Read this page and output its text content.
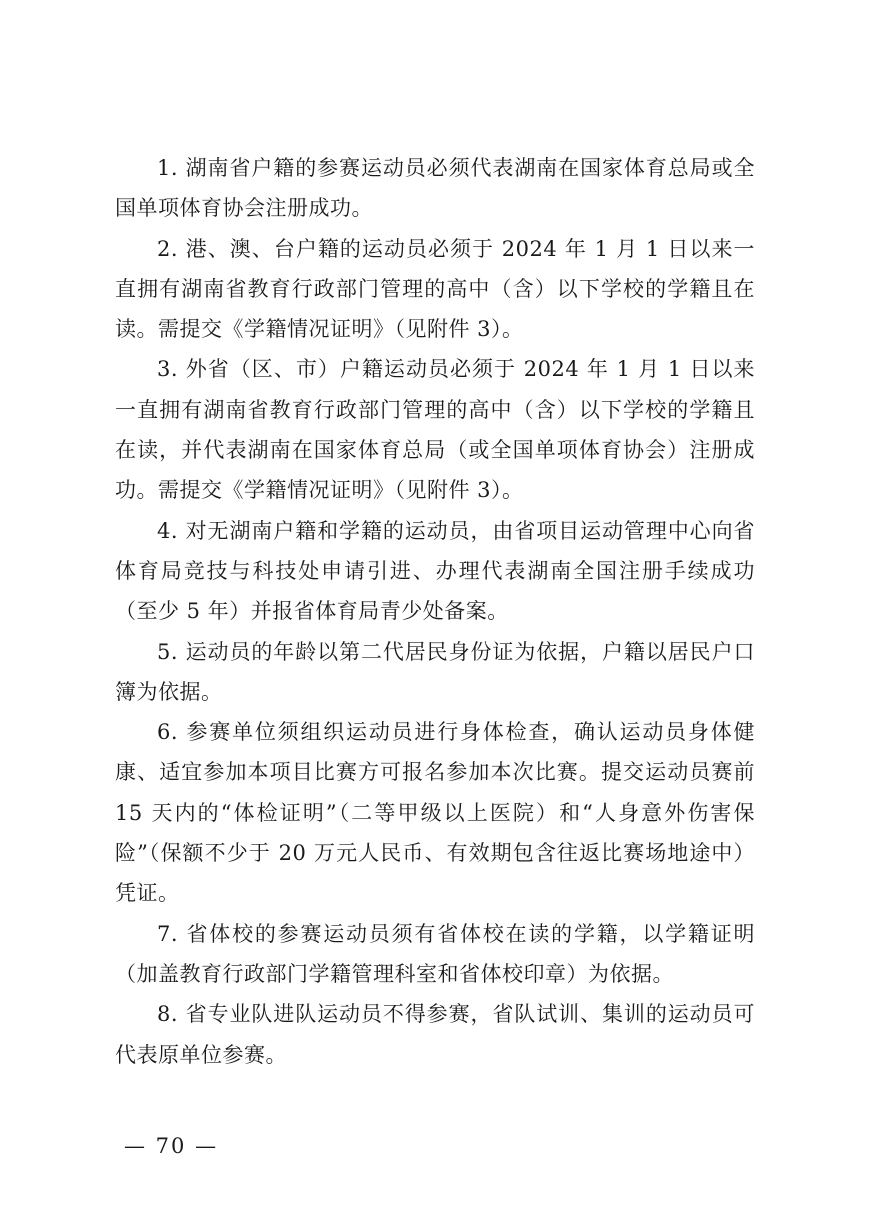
1. 湖南省户籍的参赛运动员必须代表湖南在国家体育总局或全国单项体育协会注册成功。

2. 港、澳、台户籍的运动员必须于 2024 年 1 月 1 日以来一直拥有湖南省教育行政部门管理的高中（含）以下学校的学籍且在读。需提交《学籍情况证明》（见附件 3）。

3. 外省（区、市）户籍运动员必须于 2024 年 1 月 1 日以来一直拥有湖南省教育行政部门管理的高中（含）以下学校的学籍且在读，并代表湖南在国家体育总局（或全国单项体育协会）注册成功。需提交《学籍情况证明》（见附件 3）。

4. 对无湖南户籍和学籍的运动员，由省项目运动管理中心向省体育局竞技与科技处申请引进、办理代表湖南全国注册手续成功（至少 5 年）并报省体育局青少处备案。

5. 运动员的年龄以第二代居民身份证为依据，户籍以居民户口簿为依据。

6. 参赛单位须组织运动员进行身体检查，确认运动员身体健康、适宜参加本项目比赛方可报名参加本次比赛。提交运动员赛前 15 天内的“体检证明”（二等甲级以上医院）和“人身意外伤害保险”（保额不少于 20 万元人民币、有效期包含往返比赛场地途中）凭证。

7. 省体校的参赛运动员须有省体校在读的学籍，以学籍证明（加盖教育行政部门学籍管理科室和省体校印章）为依据。

8. 省专业队进队运动员不得参赛，省队试训、集训的运动员可代表原单位参赛。

— 70 —
